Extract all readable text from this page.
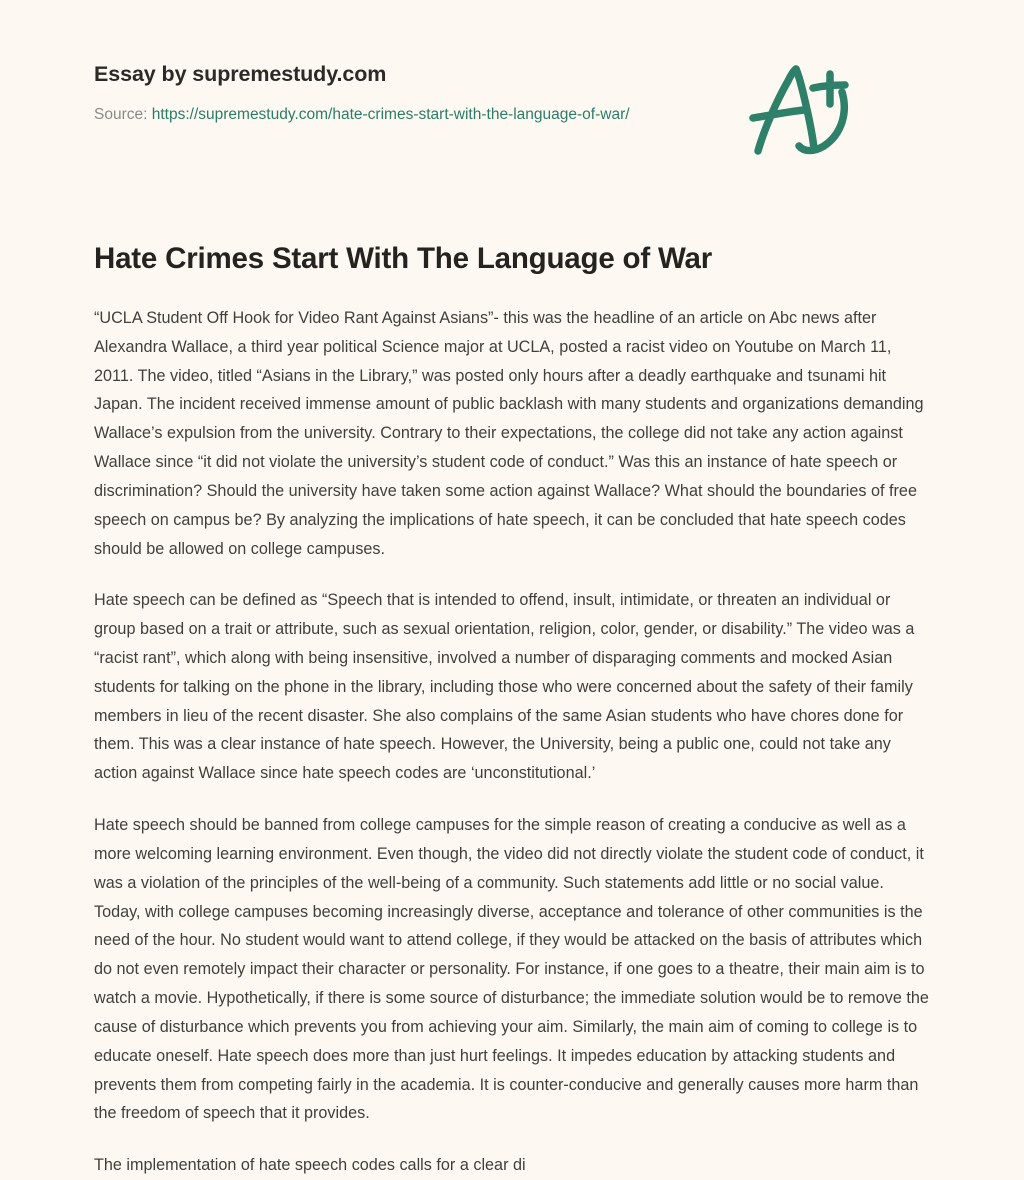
Essay by supremestudy.com
Source: https://supremestudy.com/hate-crimes-start-with-the-language-of-war/
Hate Crimes Start With The Language of War

“UCLA Student Off Hook for Video Rant Against Asians”- this was the headline of an article on Abc news after Alexandra Wallace, a third year political Science major at UCLA, posted a racist video on Youtube on March 11, 2011. The video, titled “Asians in the Library,” was posted only hours after a deadly earthquake and tsunami hit Japan. The incident received immense amount of public backlash with many students and organizations demanding Wallace’s expulsion from the university. Contrary to their expectations, the college did not take any action against Wallace since “it did not violate the university’s student code of conduct.” Was this an instance of hate speech or discrimination? Should the university have taken some action against Wallace? What should the boundaries of free speech on campus be? By analyzing the implications of hate speech, it can be concluded that hate speech codes should be allowed on college campuses.

Hate speech can be defined as “Speech that is intended to offend, insult, intimidate, or threaten an individual or group based on a trait or attribute, such as sexual orientation, religion, color, gender, or disability.” The video was a “racist rant”, which along with being insensitive, involved a number of disparaging comments and mocked Asian students for talking on the phone in the library, including those who were concerned about the safety of their family members in lieu of the recent disaster. She also complains of the same Asian students who have chores done for them. This was a clear instance of hate speech. However, the University, being a public one, could not take any action against Wallace since hate speech codes are ‘unconstitutional.’

Hate speech should be banned from college campuses for the simple reason of creating a conducive as well as a more welcoming learning environment. Even though, the video did not directly violate the student code of conduct, it was a violation of the principles of the well-being of a community. Such statements add little or no social value. Today, with college campuses becoming increasingly diverse, acceptance and tolerance of other communities is the need of the hour. No student would want to attend college, if they would be attacked on the basis of attributes which do not even remotely impact their character or personality. For instance, if one goes to a theatre, their main aim is to watch a movie. Hypothetically, if there is some source of disturbance; the immediate solution would be to remove the cause of disturbance which prevents you from achieving your aim. Similarly, the main aim of coming to college is to educate oneself. Hate speech does more than just hurt feelings. It impedes education by attacking students and prevents them from competing fairly in the academia. It is counter-conducive and generally causes more harm than the freedom of speech that it provides.

The implementation of hate speech codes calls for a clear di
